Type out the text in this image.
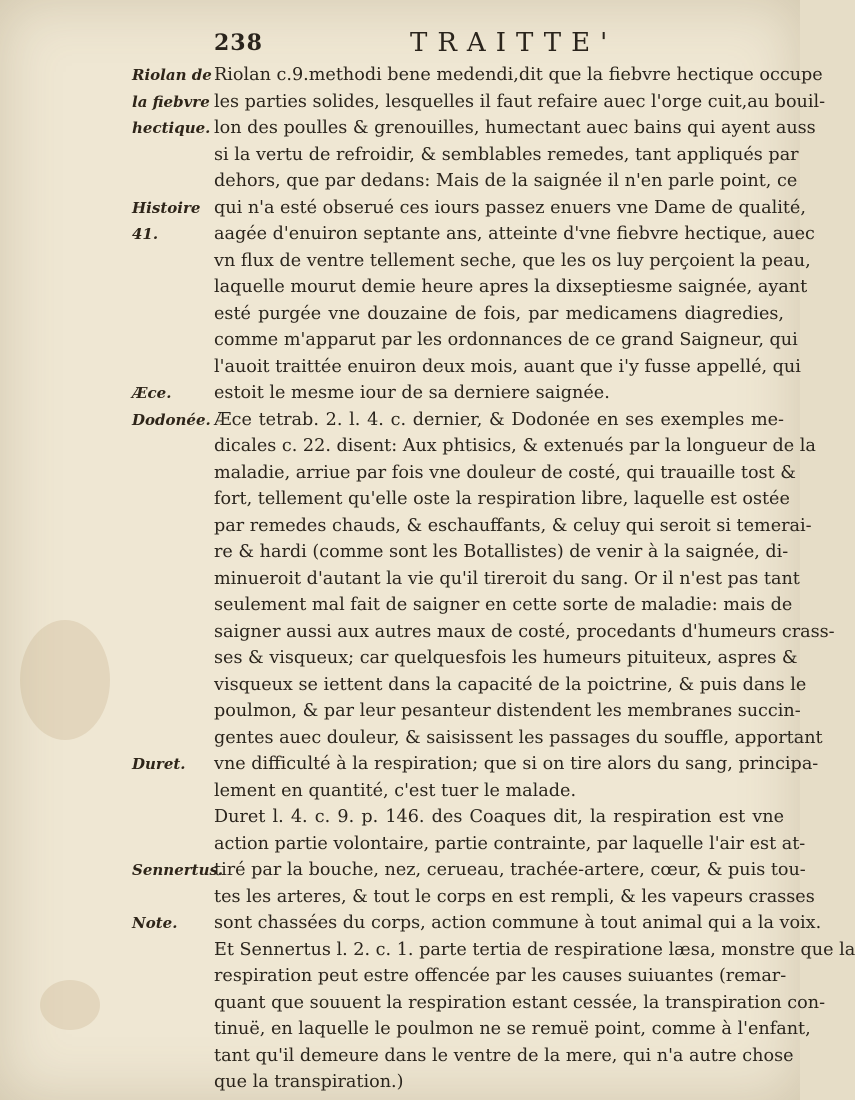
238	TRAITTE'
Riolan de
la fiebvre
hectique.
Histoire
41.
Æce.
Dodonée.
Duret.
Sennertus.
Note.
Riolan c.9.methodi bene medendi,dit que la fiebvre hectique occupe
les parties solides, lesquelles il faut refaire auec l'orge cuit,au bouil-
lon des poulles & grenouilles, humectant auec bains qui ayent auss
si la vertu de refroidir, & semblables remedes, tant appliqués par
dehors, que par dedans: Mais de la saignée il n'en parle point, ce
qui n'a esté obserué ces iours passez enuers vne Dame de qualité,
aagée d'enuiron septante ans, atteinte d'vne fiebvre hectique, auec
vn flux de ventre tellement seche, que les os luy perçoient la peau,
laquelle mourut demie heure apres la dixseptiesme saignée, ayant
esté purgée vne douzaine de fois, par medicamens diagredies,
comme m'apparut par les ordonnances de ce grand Saigneur, qui
l'auoit traittée enuiron deux mois, auant que i'y fusse appellé, qui
estoit le mesme iour de sa derniere saignée.
Æce tetrab. 2. l. 4. c. dernier, & Dodonée en ses exemples me-
dicales c. 22. disent: Aux phtisics, & extenués par la longueur de la
maladie, arriue par fois vne douleur de costé, qui trauaille tost &
fort, tellement qu'elle oste la respiration libre, laquelle est ostée
par remedes chauds, & eschauffants, & celuy qui seroit si temerai-
re & hardi (comme sont les Botallistes) de venir à la saignée, di-
minueroit d'autant la vie qu'il tireroit du sang. Or il n'est pas tant
seulement mal fait de saigner en cette sorte de maladie: mais de
saigner aussi aux autres maux de costé, procedants d'humeurs crass-
ses & visqueux; car quelquesfois les humeurs pituiteux, aspres &
visqueux se iettent dans la capacité de la poictrine, & puis dans le
poulmon, & par leur pesanteur distendent les membranes succin-
gentes auec douleur, & saisissent les passages du souffle, apportant
vne difficulté à la respiration; que si on tire alors du sang, principa-
lement en quantité, c'est tuer le malade.
Duret l. 4. c. 9. p. 146. des Coaques dit, la respiration est vne
action partie volontaire, partie contrainte, par laquelle l'air est at-
tiré par la bouche, nez, cerueau, trachée-artere, cœur, & puis tou-
tes les arteres, & tout le corps en est rempli, & les vapeurs crasses
sont chassées du corps, action commune à tout animal qui a la voix.
Et Sennertus l. 2. c. 1. parte tertia de respiratione læsa, monstre que la
respiration peut estre offencée par les causes suiuantes (remar-
quant que souuent la respiration estant cessée, la transpiration con-
tinuë, en laquelle le poulmon ne se remuë point, comme à l'enfant,
tant qu'il demeure dans le ventre de la mere, qui n'a autre chose
que la transpiration.)
